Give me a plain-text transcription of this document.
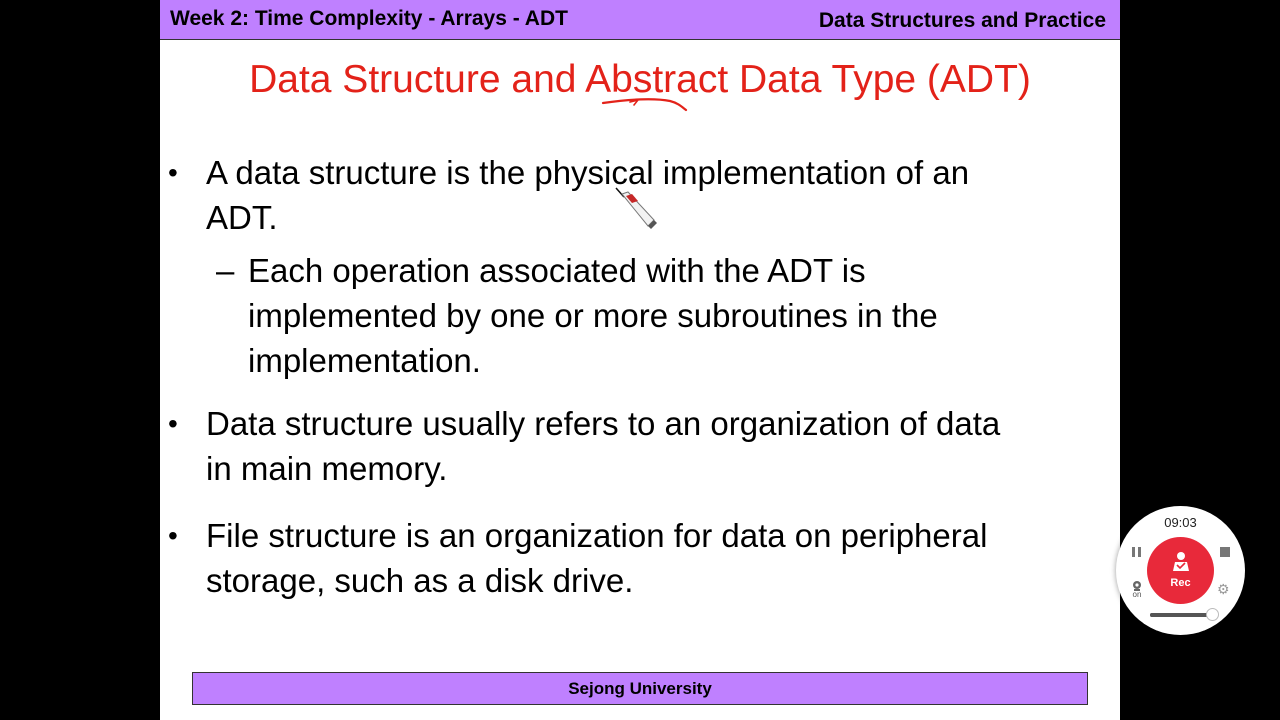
Week 2: Time Complexity - Arrays - ADT	Data Structures and Practice
Data Structure and Abstract Data Type (ADT)
• A data structure is the physical implementation of an
ADT.
– Each operation associated with the ADT is
implemented by one or more subroutines in the
implementation.
• Data structure usually refers to an organization of data
in main memory.
• File structure is an organization for data on peripheral
storage, such as a disk drive.
Sejong University
09:03
Rec
on	⚙
